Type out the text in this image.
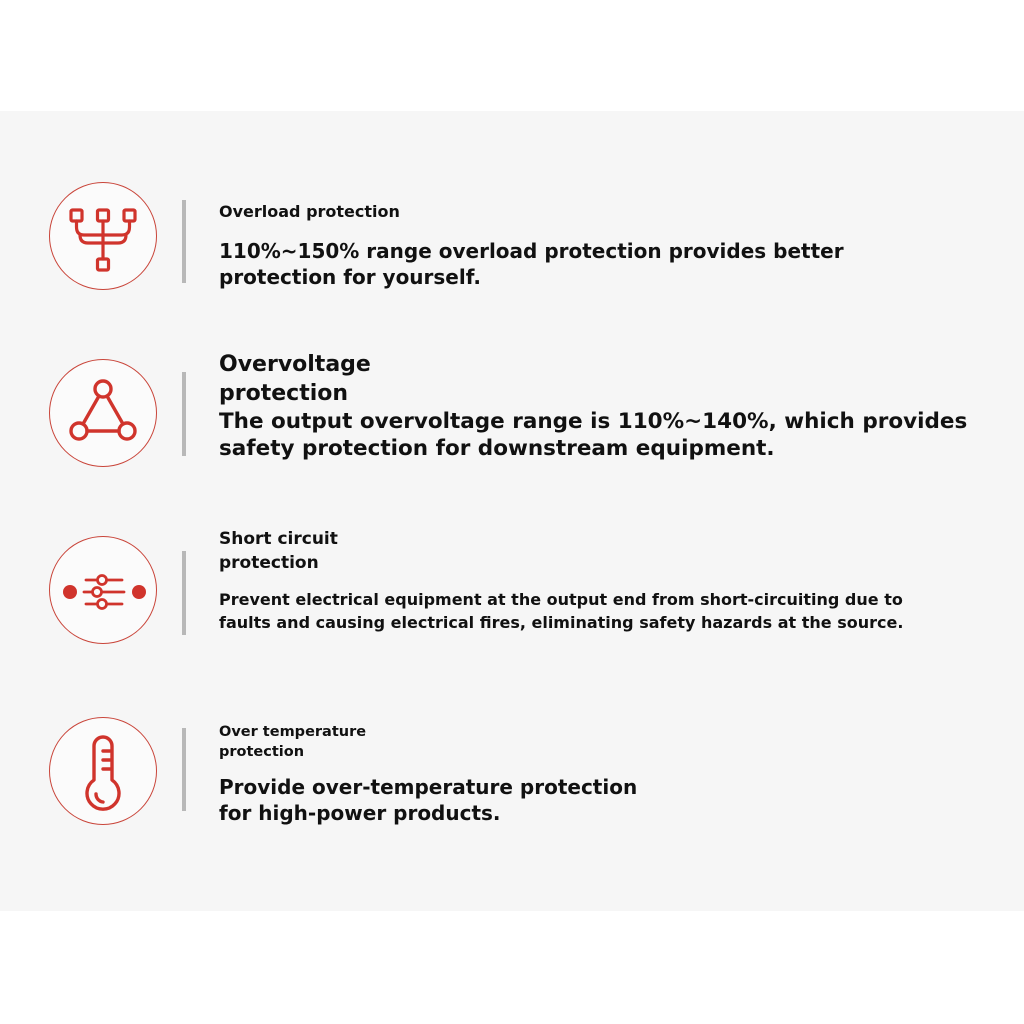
Overload protection

110%~150% range overload protection provides better
protection for yourself.

Overvoltage
protection

The output overvoltage range is 110%~140%, which provides
safety protection for downstream equipment.

Short circuit
protection

Prevent electrical equipment at the output end from short-circuiting due to
faults and causing electrical fires, eliminating safety hazards at the source.

Over temperature
protection

Provide over-temperature protection
for high-power products.
